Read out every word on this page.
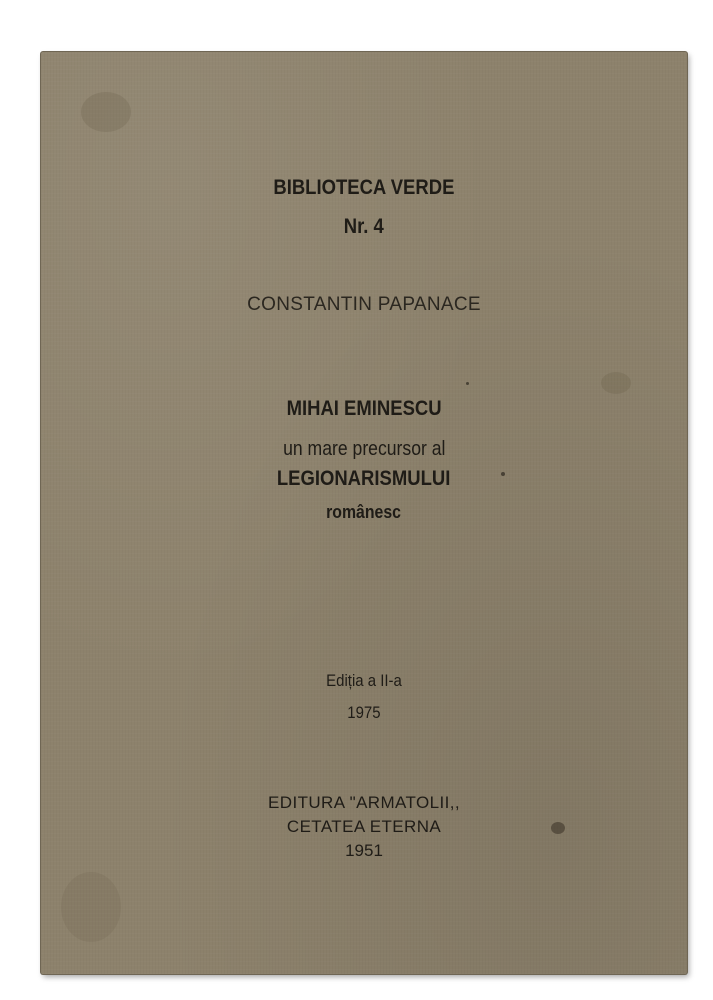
BIBLIOTECA VERDE
Nr. 4
CONSTANTIN PAPANACE
MIHAI EMINESCU
un mare precursor al
LEGIONARISMULUI
românesc
Ediția a II-a
1975
EDITURA "ARMATOLII,,
CETATEA ETERNA
1951
